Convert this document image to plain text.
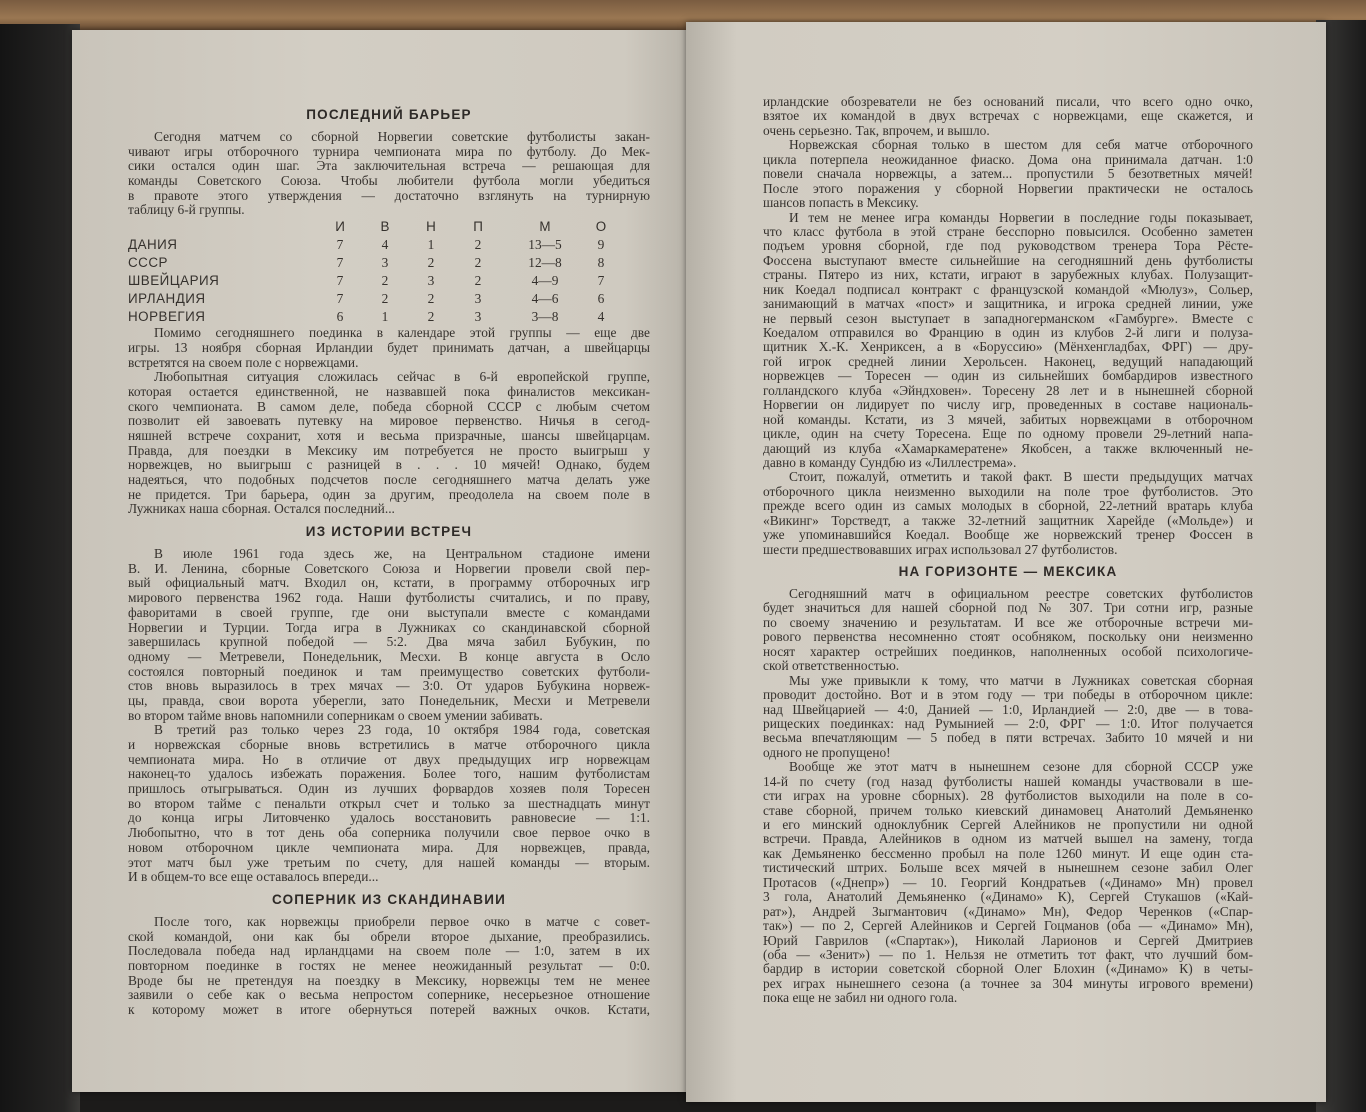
ПОСЛЕДНИЙ БАРЬЕР
Сегодня матчем со сборной Норвегии советские футболисты закан-
чивают игры отборочного турнира чемпионата мира по футболу. До Мек-
сики остался один шаг. Эта заключительная встреча — решающая для
команды Советского Союза. Чтобы любители футбола могли убедиться
в правоте этого утверждения — достаточно взглянуть на турнирную
таблицу 6-й группы.
И	В	Н	П	М	О
ДАНИЯ	7	4	1	2	13—5	9
СССР	7	3	2	2	12—8	8
ШВЕЙЦАРИЯ	7	2	3	2	4—9	7
ИРЛАНДИЯ	7	2	2	3	4—6	6
НОРВЕГИЯ	6	1	2	3	3—8	4
Помимо сегодняшнего поединка в календаре этой группы — еще две
игры. 13 ноября сборная Ирландии будет принимать датчан, а швейцарцы
встретятся на своем поле с норвежцами.
Любопытная ситуация сложилась сейчас в 6-й европейской группе,
которая остается единственной, не назвавшей пока финалистов мексикан-
ского чемпионата. В самом деле, победа сборной СССР с любым счетом
позволит ей завоевать путевку на мировое первенство. Ничья в сегод-
няшней встрече сохранит, хотя и весьма призрачные, шансы швейцарцам.
Правда, для поездки в Мексику им потребуется не просто выигрыш у
норвежцев, но выигрыш с разницей в . . . 10 мячей! Однако, будем
надеяться, что подобных подсчетов после сегодняшнего матча делать уже
не придется. Три барьера, один за другим, преодолела на своем поле в
Лужниках наша сборная. Остался последний...
ИЗ ИСТОРИИ ВСТРЕЧ
В июле 1961 года здесь же, на Центральном стадионе имени
В. И. Ленина, сборные Советского Союза и Норвегии провели свой пер-
вый официальный матч. Входил он, кстати, в программу отборочных игр
мирового первенства 1962 года. Наши футболисты считались, и по праву,
фаворитами в своей группе, где они выступали вместе с командами
Норвегии и Турции. Тогда игра в Лужниках со скандинавской сборной
завершилась крупной победой — 5:2. Два мяча забил Бубукин, по
одному — Метревели, Понедельник, Месхи. В конце августа в Осло
состоялся повторный поединок и там преимущество советских футболи-
стов вновь выразилось в трех мячах — 3:0. От ударов Бубукина норвеж-
цы, правда, свои ворота уберегли, зато Понедельник, Месхи и Метревели
во втором тайме вновь напомнили соперникам о своем умении забивать.
В третий раз только через 23 года, 10 октября 1984 года, советская
и норвежская сборные вновь встретились в матче отборочного цикла
чемпионата мира. Но в отличие от двух предыдущих игр норвежцам
наконец-то удалось избежать поражения. Более того, нашим футболистам
пришлось отыгрываться. Один из лучших форвардов хозяев поля Торесен
во втором тайме с пенальти открыл счет и только за шестнадцать минут
до конца игры Литовченко удалось восстановить равновесие — 1:1.
Любопытно, что в тот день оба соперника получили свое первое очко в
новом отборочном цикле чемпионата мира. Для норвежцев, правда,
этот матч был уже третьим по счету, для нашей команды — вторым.
И в общем-то все еще оставалось впереди...
СОПЕРНИК ИЗ СКАНДИНАВИИ
После того, как норвежцы приобрели первое очко в матче с совет-
ской командой, они как бы обрели второе дыхание, преобразились.
Последовала победа над ирландцами на своем поле — 1:0, затем в их
повторном поединке в гостях не менее неожиданный результат — 0:0.
Вроде бы не претендуя на поездку в Мексику, норвежцы тем не менее
заявили о себе как о весьма непростом сопернике, несерьезное отношение
к которому может в итоге обернуться потерей важных очков. Кстати,
ирландские обозреватели не без оснований писали, что всего одно очко,
взятое их командой в двух встречах с норвежцами, еще скажется, и
очень серьезно. Так, впрочем, и вышло.
Норвежская сборная только в шестом для себя матче отборочного
цикла потерпела неожиданное фиаско. Дома она принимала датчан. 1:0
повели сначала норвежцы, а затем... пропустили 5 безответных мячей!
После этого поражения у сборной Норвегии практически не осталось
шансов попасть в Мексику.
И тем не менее игра команды Норвегии в последние годы показывает,
что класс футбола в этой стране бесспорно повысился. Особенно заметен
подъем уровня сборной, где под руководством тренера Тора Рёсте-
Фоссена выступают вместе сильнейшие на сегодняшний день футболисты
страны. Пятеро из них, кстати, играют в зарубежных клубах. Полузащит-
ник Коедал подписал контракт с французской командой «Мюлуз», Сольер,
занимающий в матчах «пост» и защитника, и игрока средней линии, уже
не первый сезон выступает в западногерманском «Гамбурге». Вместе с
Коедалом отправился во Францию в один из клубов 2-й лиги и полуза-
щитник Х.-К. Хенриксен, а в «Боруссию» (Мёнхенгладбах, ФРГ) — дру-
гой игрок средней линии Херольсен. Наконец, ведущий нападающий
норвежцев — Торесен — один из сильнейших бомбардиров известного
голландского клуба «Эйндховен». Торесену 28 лет и в нынешней сборной
Норвегии он лидирует по числу игр, проведенных в составе националь-
ной команды. Кстати, из 3 мячей, забитых норвежцами в отборочном
цикле, один на счету Торесена. Еще по одному провели 29-летний напа-
дающий из клуба «Хамаркамератене» Якобсен, а также включенный не-
давно в команду Сундбю из «Лиллестрема».
Стоит, пожалуй, отметить и такой факт. В шести предыдущих матчах
отборочного цикла неизменно выходили на поле трое футболистов. Это
прежде всего один из самых молодых в сборной, 22-летний вратарь клуба
«Викинг» Торстведт, а также 32-летний защитник Харейде («Мольде») и
уже упоминавшийся Коедал. Вообще же норвежский тренер Фоссен в
шести предшествовавших играх использовал 27 футболистов.
НА ГОРИЗОНТЕ — МЕКСИКА
Сегодняшний матч в официальном реестре советских футболистов
будет значиться для нашей сборной под № 307. Три сотни игр, разные
по своему значению и результатам. И все же отборочные встречи ми-
рового первенства несомненно стоят особняком, поскольку они неизменно
носят характер острейших поединков, наполненных особой психологиче-
ской ответственностью.
Мы уже привыкли к тому, что матчи в Лужниках советская сборная
проводит достойно. Вот и в этом году — три победы в отборочном цикле:
над Швейцарией — 4:0, Данией — 1:0, Ирландией — 2:0, две — в това-
рищеских поединках: над Румынией — 2:0, ФРГ — 1:0. Итог получается
весьма впечатляющим — 5 побед в пяти встречах. Забито 10 мячей и ни
одного не пропущено!
Вообще же этот матч в нынешнем сезоне для сборной СССР уже
14-й по счету (год назад футболисты нашей команды участвовали в ше-
сти играх на уровне сборных). 28 футболистов выходили на поле в со-
ставе сборной, причем только киевский динамовец Анатолий Демьяненко
и его минский одноклубник Сергей Алейников не пропустили ни одной
встречи. Правда, Алейников в одном из матчей вышел на замену, тогда
как Демьяненко бессменно пробыл на поле 1260 минут. И еще один ста-
тистический штрих. Больше всех мячей в нынешнем сезоне забил Олег
Протасов («Днепр») — 10. Георгий Кондратьев («Динамо» Мн) провел
3 гола, Анатолий Демьяненко («Динамо» К), Сергей Стукашов («Кай-
рат»), Андрей Зыгмантович («Динамо» Мн), Федор Черенков («Спар-
так») — по 2, Сергей Алейников и Сергей Гоцманов (оба — «Динамо» Мн),
Юрий Гаврилов («Спартак»), Николай Ларионов и Сергей Дмитриев
(оба — «Зенит») — по 1. Нельзя не отметить тот факт, что лучший бом-
бардир в истории советской сборной Олег Блохин («Динамо» К) в четы-
рех играх нынешнего сезона (а точнее за 304 минуты игрового времени)
пока еще не забил ни одного гола.
